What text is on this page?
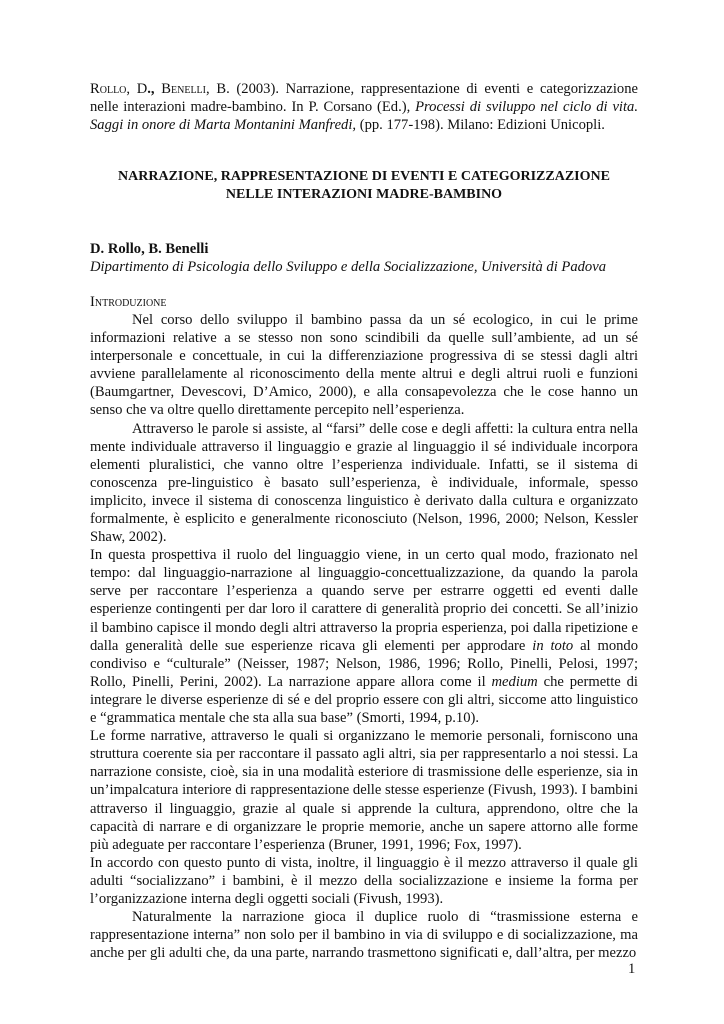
Rollo, D., Benelli, B. (2003). Narrazione, rappresentazione di eventi e categorizzazione nelle interazioni madre-bambino. In P. Corsano (Ed.), Processi di sviluppo nel ciclo di vita. Saggi in onore di Marta Montanini Manfredi, (pp. 177-198). Milano: Edizioni Unicopli.
NARRAZIONE, RAPPRESENTAZIONE DI EVENTI E CATEGORIZZAZIONE
NELLE INTERAZIONI MADRE-BAMBINO
D. Rollo, B. Benelli
Dipartimento di Psicologia dello Sviluppo e della Socializzazione, Università di Padova
Introduzione

Nel corso dello sviluppo il bambino passa da un sé ecologico, in cui le prime informazioni relative a se stesso non sono scindibili da quelle sull’ambiente, ad un sé interpersonale e concettuale, in cui la differenziazione progressiva di se stessi dagli altri avviene parallelamente al riconoscimento della mente altrui e degli altrui ruoli e funzioni (Baumgartner, Devescovi, D’Amico, 2000), e alla consapevolezza che le cose hanno un senso che va oltre quello direttamente percepito nell’esperienza.

Attraverso le parole si assiste, al “farsi” delle cose e degli affetti: la cultura entra nella mente individuale attraverso il linguaggio e grazie al linguaggio il sé individuale incorpora elementi pluralistici, che vanno oltre l’esperienza individuale. Infatti, se il sistema di conoscenza pre-linguistico è basato sull’esperienza, è individuale, informale, spesso implicito, invece il sistema di conoscenza linguistico è derivato dalla cultura e organizzato formalmente, è esplicito e generalmente riconosciuto (Nelson, 1996, 2000; Nelson, Kessler Shaw, 2002).

In questa prospettiva il ruolo del linguaggio viene, in un certo qual modo, frazionato nel tempo: dal linguaggio-narrazione al linguaggio-concettualizzazione, da quando la parola serve per raccontare l’esperienza a quando serve per estrarre oggetti ed eventi dalle esperienze contingenti per dar loro il carattere di generalità proprio dei concetti. Se all’inizio il bambino capisce il mondo degli altri attraverso la propria esperienza, poi dalla ripetizione e dalla generalità delle sue esperienze ricava gli elementi per approdare in toto al mondo condiviso e “culturale” (Neisser, 1987; Nelson, 1986, 1996; Rollo, Pinelli, Pelosi, 1997; Rollo, Pinelli, Perini, 2002). La narrazione appare allora come il medium che permette di integrare le diverse esperienze di sé e del proprio essere con gli altri, siccome atto linguistico e “grammatica mentale che sta alla sua base” (Smorti, 1994, p.10).

Le forme narrative, attraverso le quali si organizzano le memorie personali, forniscono una struttura coerente sia per raccontare il passato agli altri, sia per rappresentarlo a noi stessi. La narrazione consiste, cioè, sia in una modalità esteriore di trasmissione delle esperienze, sia in un’impalcatura interiore di rappresentazione delle stesse esperienze (Fivush, 1993). I bambini attraverso il linguaggio, grazie al quale si apprende la cultura, apprendono, oltre che la capacità di narrare e di organizzare le proprie memorie, anche un sapere attorno alle forme più adeguate per raccontare l’esperienza (Bruner, 1991, 1996; Fox, 1997).

In accordo con questo punto di vista, inoltre, il linguaggio è il mezzo attraverso il quale gli adulti “socializzano” i bambini, è il mezzo della socializzazione e insieme la forma per l’organizzazione interna degli oggetti sociali (Fivush, 1993).

Naturalmente la narrazione gioca il duplice ruolo di “trasmissione esterna e rappresentazione interna” non solo per il bambino in via di sviluppo e di socializzazione, ma anche per gli adulti che, da una parte, narrando trasmettono significati e, dall’altra, per mezzo

1
